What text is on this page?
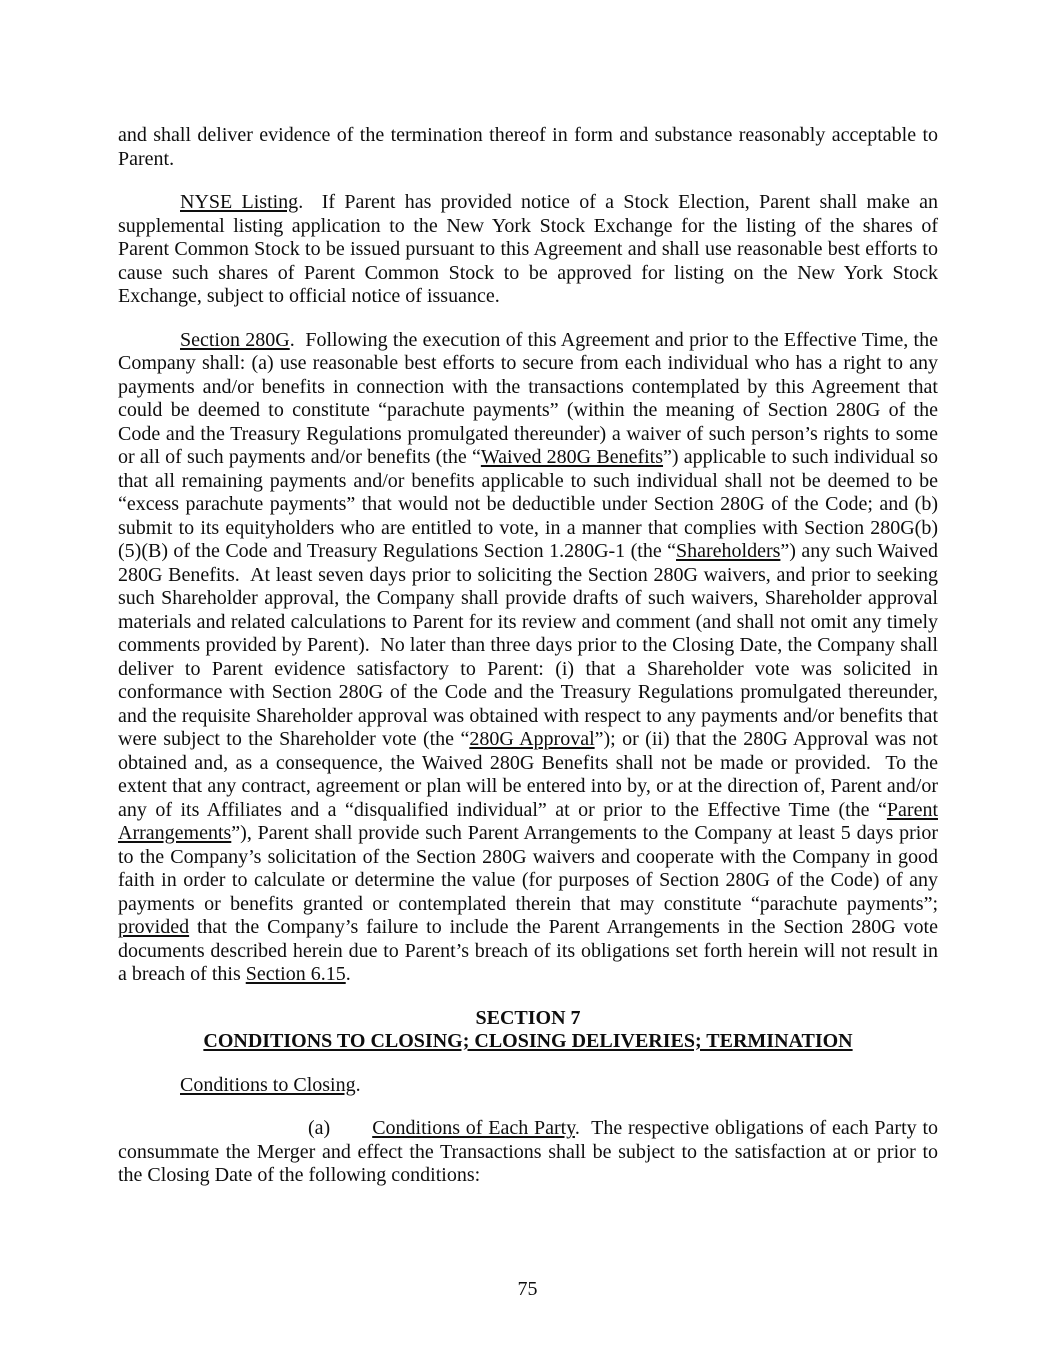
and shall deliver evidence of the termination thereof in form and substance reasonably acceptable to Parent.

NYSE Listing.  If Parent has provided notice of a Stock Election, Parent shall make an supplemental listing application to the New York Stock Exchange for the listing of the shares of Parent Common Stock to be issued pursuant to this Agreement and shall use reasonable best efforts to cause such shares of Parent Common Stock to be approved for listing on the New York Stock Exchange, subject to official notice of issuance.

Section 280G.  Following the execution of this Agreement and prior to the Effective Time, the Company shall: (a) use reasonable best efforts to secure from each individual who has a right to any payments and/or benefits in connection with the transactions contemplated by this Agreement that could be deemed to constitute “parachute payments” (within the meaning of Section 280G of the Code and the Treasury Regulations promulgated thereunder) a waiver of such person’s rights to some or all of such payments and/or benefits (the “Waived 280G Benefits”) applicable to such individual so that all remaining payments and/or benefits applicable to such individual shall not be deemed to be “excess parachute payments” that would not be deductible under Section 280G of the Code; and (b) submit to its equityholders who are entitled to vote, in a manner that complies with Section 280G(b)(5)(B) of the Code and Treasury Regulations Section 1.280G-1 (the “Shareholders”) any such Waived 280G Benefits.  At least seven days prior to soliciting the Section 280G waivers, and prior to seeking such Shareholder approval, the Company shall provide drafts of such waivers, Shareholder approval materials and related calculations to Parent for its review and comment (and shall not omit any timely comments provided by Parent).  No later than three days prior to the Closing Date, the Company shall deliver to Parent evidence satisfactory to Parent: (i) that a Shareholder vote was solicited in conformance with Section 280G of the Code and the Treasury Regulations promulgated thereunder, and the requisite Shareholder approval was obtained with respect to any payments and/or benefits that were subject to the Shareholder vote (the “280G Approval”); or (ii) that the 280G Approval was not obtained and, as a consequence, the Waived 280G Benefits shall not be made or provided.  To the extent that any contract, agreement or plan will be entered into by, or at the direction of, Parent and/or any of its Affiliates and a “disqualified individual” at or prior to the Effective Time (the “Parent Arrangements”), Parent shall provide such Parent Arrangements to the Company at least 5 days prior to the Company’s solicitation of the Section 280G waivers and cooperate with the Company in good faith in order to calculate or determine the value (for purposes of Section 280G of the Code) of any payments or benefits granted or contemplated therein that may constitute “parachute payments”; provided that the Company’s failure to include the Parent Arrangements in the Section 280G vote documents described herein due to Parent’s breach of its obligations set forth herein will not result in a breach of this Section 6.15.

SECTION 7

CONDITIONS TO CLOSING; CLOSING DELIVERIES; TERMINATION

Conditions to Closing.

(a) Conditions of Each Party.  The respective obligations of each Party to consummate the Merger and effect the Transactions shall be subject to the satisfaction at or prior to the Closing Date of the following conditions:

75
